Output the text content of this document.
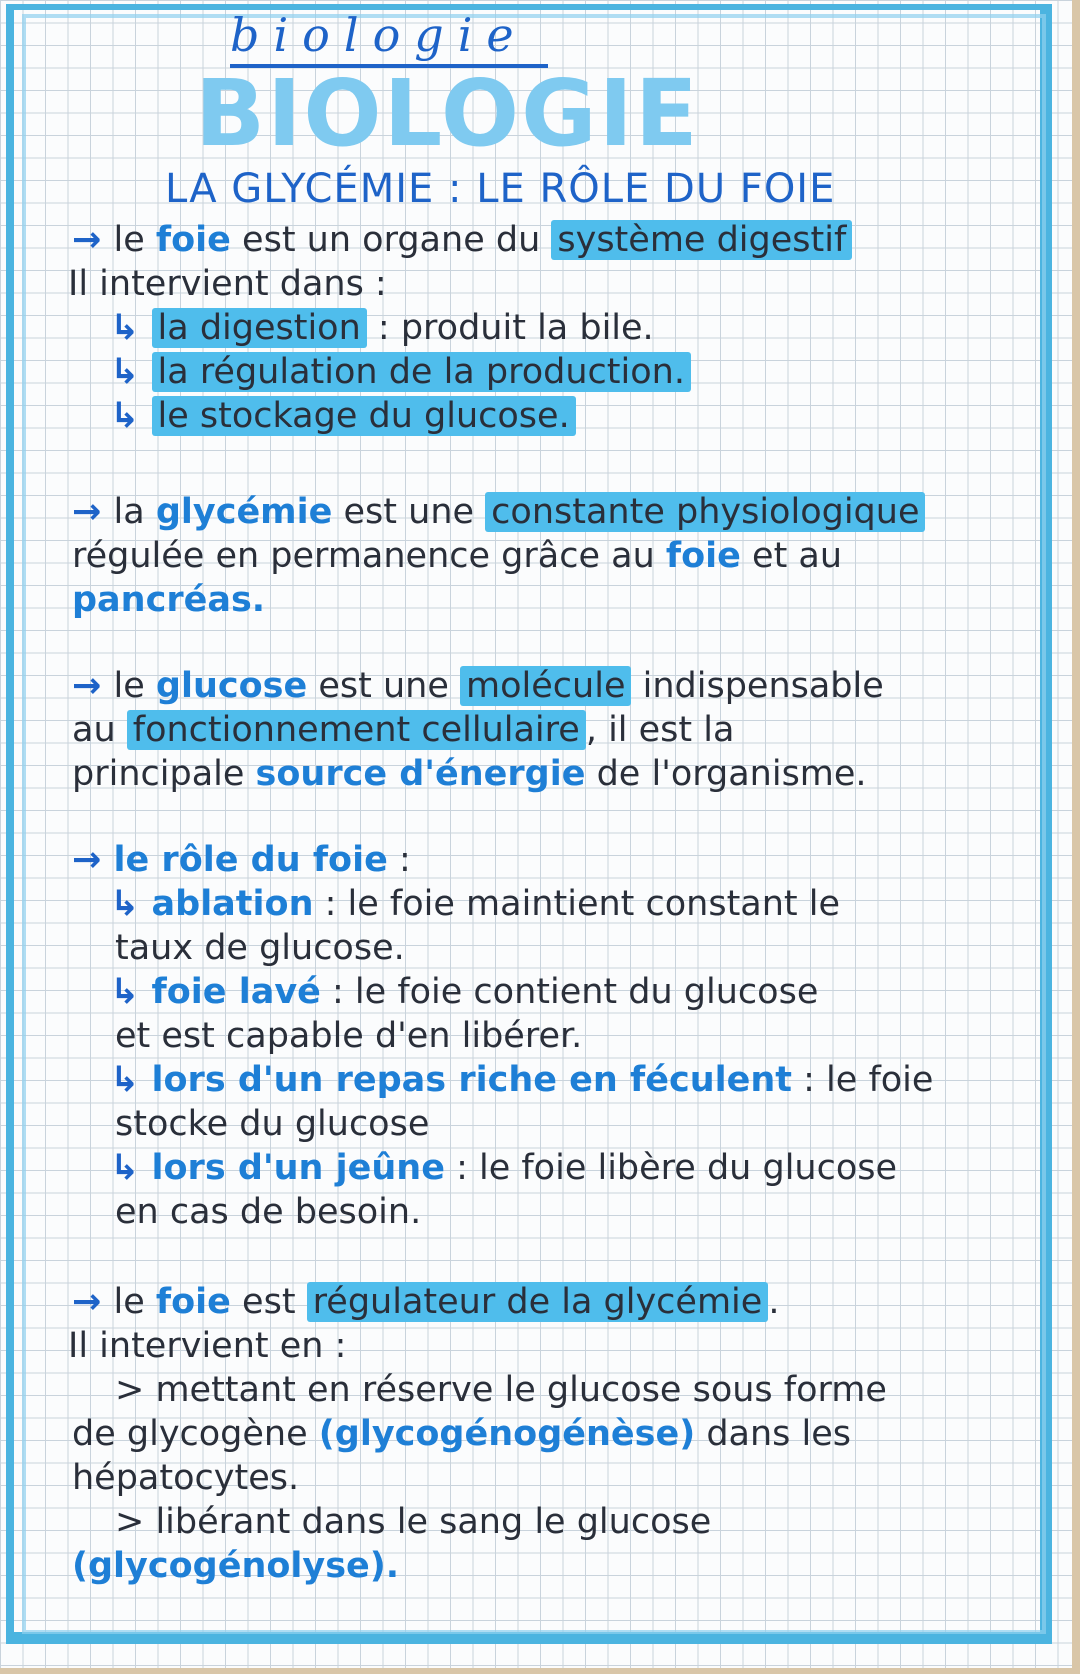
biologie
BIOLOGIE
LA GLYCÉMIE : LE RÔLE DU FOIE
→ le foie est un organe du système digestif
Il intervient dans :
↳ la digestion : produit la bile.
↳ la régulation de la production.
↳ le stockage du glucose.
→ la glycémie est une constante physiologique
régulée en permanence grâce au foie et au
pancréas.
→ le glucose est une molécule indispensable
au fonctionnement cellulaire , il est la
principale source d'énergie de l'organisme.
→ le rôle du foie :
↳ ablation : le foie maintient constant le
taux de glucose.
↳ foie lavé : le foie contient du glucose
et est capable d'en libérer.
↳ lors d'un repas riche en féculent : le foie
stocke du glucose
↳ lors d'un jeûne : le foie libère du glucose
en cas de besoin.
→ le foie est régulateur de la glycémie .
Il intervient en :
> mettant en réserve le glucose sous forme
de glycogène (glycogénogénèse) dans les
hépatocytes.
> libérant dans le sang le glucose
(glycogénolyse).
